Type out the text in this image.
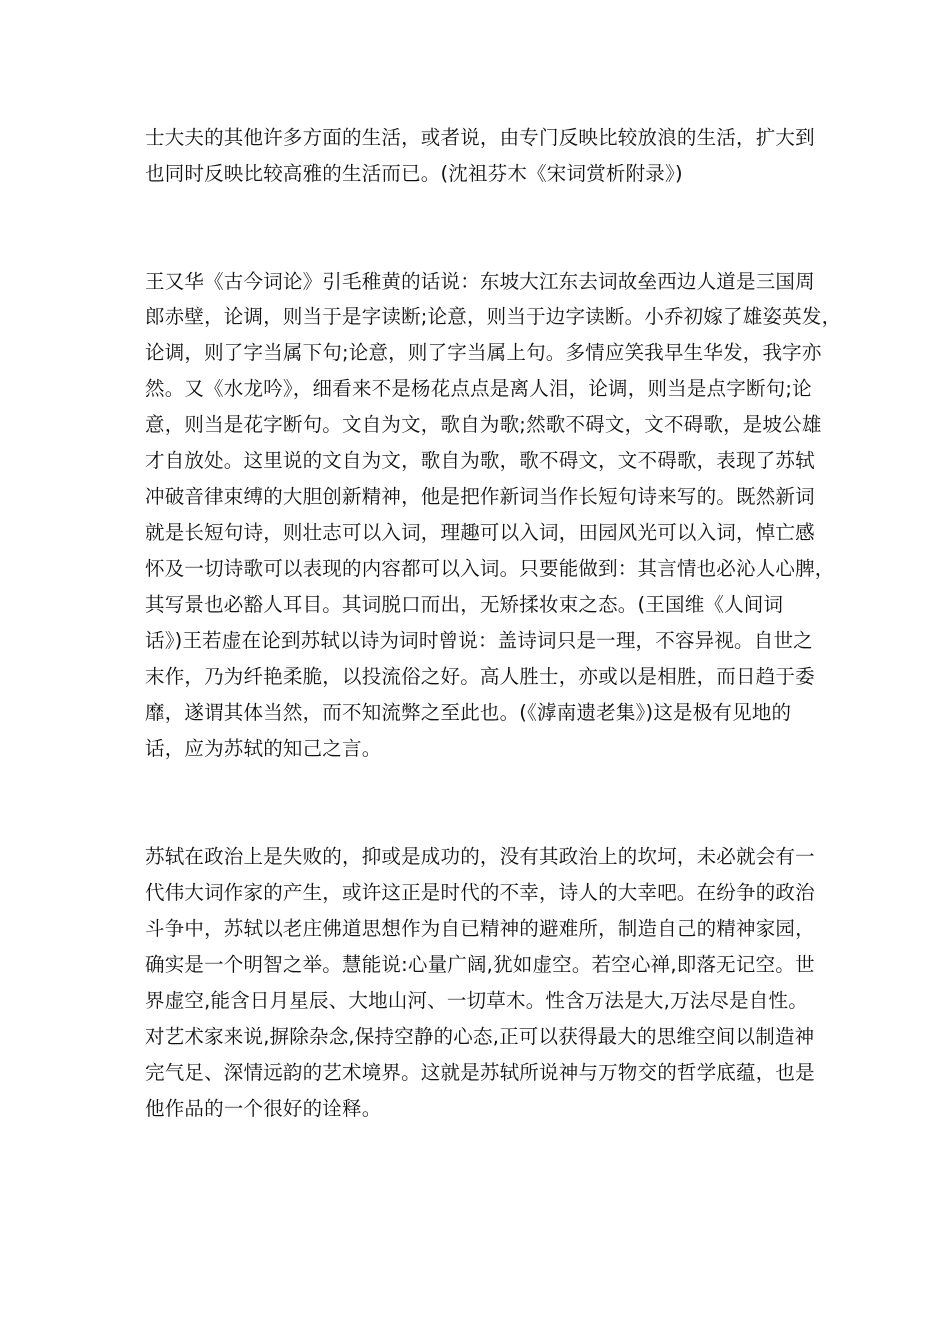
士大夫的其他许多方面的生活，或者说，由专门反映比较放浪的生活，扩大到
也同时反映比较高雅的生活而已。(沈祖芬木《宋词赏析附录》)
王又华《古今词论》引毛稚黄的话说：东坡大江东去词故垒西边人道是三国周
郎赤壁，论调，则当于是字读断;论意，则当于边字读断。小乔初嫁了雄姿英发，
论调，则了字当属下句;论意，则了字当属上句。多情应笑我早生华发，我字亦
然。又《水龙吟》，细看来不是杨花点点是离人泪，论调，则当是点字断句;论
意，则当是花字断句。文自为文，歌自为歌;然歌不碍文，文不碍歌，是坡公雄
才自放处。这里说的文自为文，歌自为歌，歌不碍文，文不碍歌，表现了苏轼
冲破音律束缚的大胆创新精神，他是把作新词当作长短句诗来写的。既然新词
就是长短句诗，则壮志可以入词，理趣可以入词，田园风光可以入词，悼亡感
怀及一切诗歌可以表现的内容都可以入词。只要能做到：其言情也必沁人心脾，
其写景也必豁人耳目。其词脱口而出，无矫揉妆束之态。(王国维《人间词
话》)王若虚在论到苏轼以诗为词时曾说：盖诗词只是一理，不容异视。自世之
末作，乃为纤艳柔脆，以投流俗之好。高人胜士，亦或以是相胜，而日趋于委
靡，遂谓其体当然，而不知流弊之至此也。(《滹南遗老集》)这是极有见地的
话，应为苏轼的知己之言。
苏轼在政治上是失败的，抑或是成功的，没有其政治上的坎坷，未必就会有一
代伟大词作家的产生，或许这正是时代的不幸，诗人的大幸吧。在纷争的政治
斗争中，苏轼以老庄佛道思想作为自已精神的避难所，制造自己的精神家园，
确实是一个明智之举。慧能说:心量广阔,犹如虚空。若空心禅,即落无记空。世
界虚空,能含日月星辰、大地山河、一切草木。性含万法是大,万法尽是自性。
对艺术家来说,摒除杂念,保持空静的心态,正可以获得最大的思维空间以制造神
完气足、深情远韵的艺术境界。这就是苏轼所说神与万物交的哲学底蕴，也是
他作品的一个很好的诠释。
